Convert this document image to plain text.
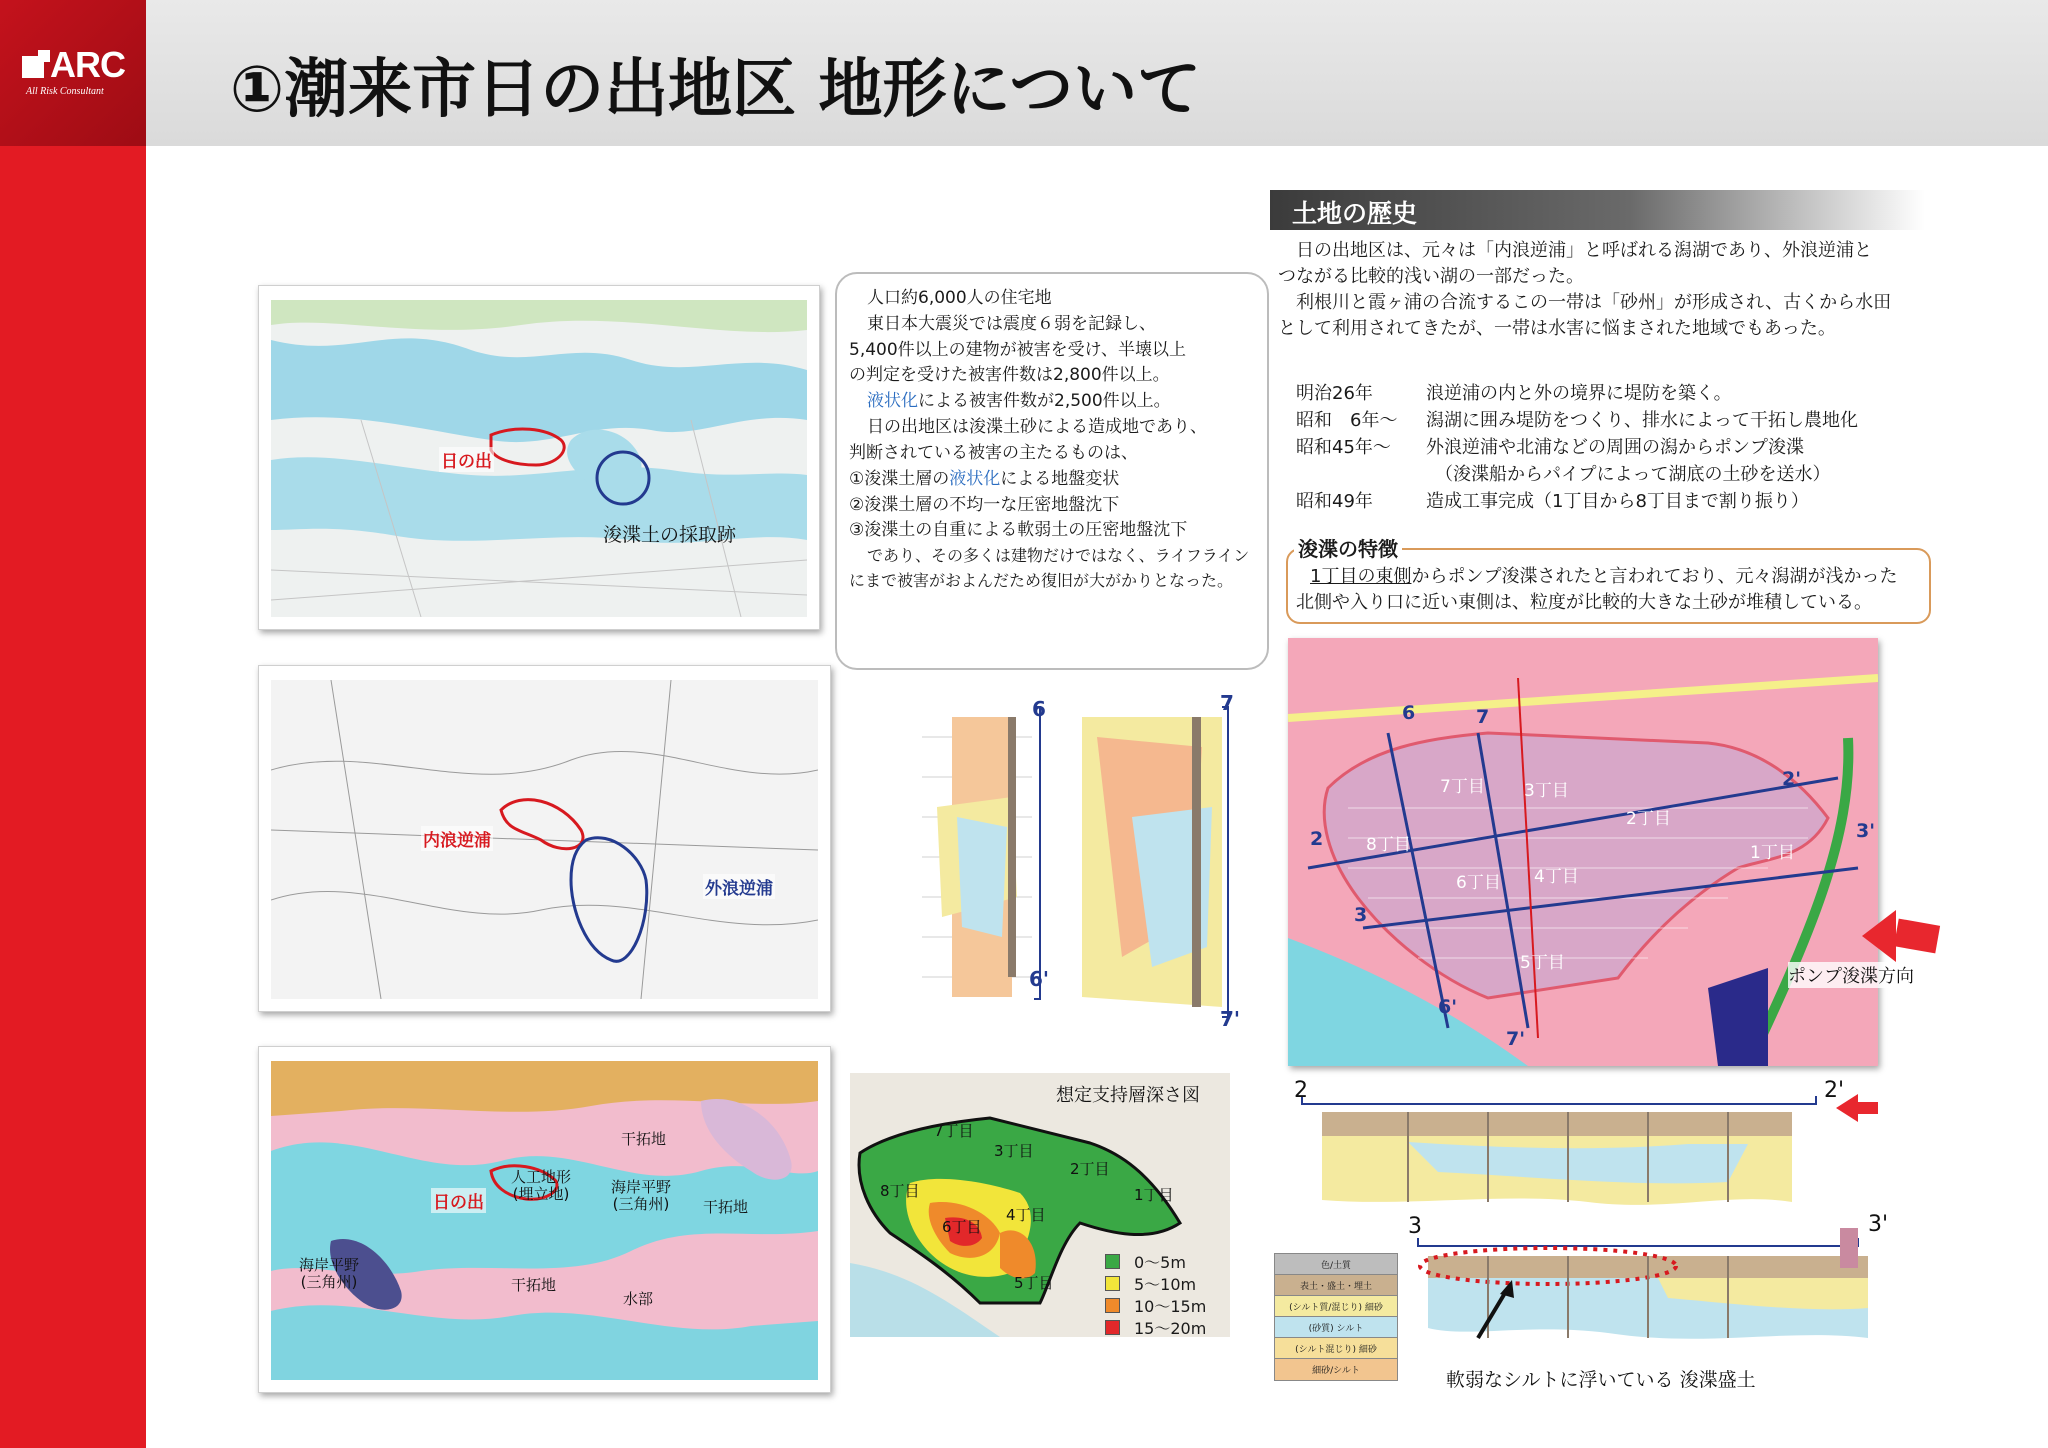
ARC
All Risk Consultant ①潮来市日の出地区 地形について
日の出
浚渫土の採取跡
内浪逆浦
外浪逆浦
日の出
人工地形
(埋立地)
干拓地
海岸平野
(三角州) 干拓地
海岸平野
(三角州)	干拓地
水部

人口約6,000人の住宅地

東日本大震災では震度６弱を記録し、

5,400件以上の建物が被害を受け、半壊以上

の判定を受けた被害件数は2,800件以上。

液状化による被害件数が2,500件以上。

日の出地区は浚渫土砂による造成地であり、

判断されている被害の主たるものは、

①浚渫土層の液状化による地盤変状

②浚渫土層の不均一な圧密地盤沈下

③浚渫土の自重による軟弱土の圧密地盤沈下

であり、その多くは建物だけではなく、ライフライン

にまで被害がおよんだため復旧が大がかりとなった。

6
6'
7
7'
想定支持層深さ図
7丁目
3丁目
2丁目
1丁目
8丁目
6丁目
4丁目
5丁目
0～5m
5～10m
10～15m
15～20m
土地の歴史

日の出地区は、元々は「内浪逆浦」と呼ばれる潟湖であり、外浪逆浦と

つながる比較的浅い湖の一部だった。

利根川と霞ヶ浦の合流するこの一帯は「砂州」が形成され、古くから水田

として利用されてきたが、一帯は水害に悩まされた地域でもあった。

明治26年	浪逆浦の内と外の境界に堤防を築く。
昭和　6年～	潟湖に囲み堤防をつくり、排水によって干拓し農地化
昭和45年～	外浪逆浦や北浦などの周囲の潟からポンプ浚渫
　（浚渫船からパイプによって湖底の土砂を送水）
昭和49年	造成工事完成（1丁目から8丁目まで割り振り）

1丁目の東側からポンプ浚渫されたと言われており、元々潟湖が浅かった

北側や入り口に近い東側は、粒度が比較的大きな土砂が堆積している。

浚渫の特徴
7丁目 3丁目
2丁目
8丁目	1丁目
6丁目 4丁目
5丁目
6	7
2
2'
3
3'
6'
7'
ポンプ浚渫方向
2	2'
色/土質
表土・盛土・埋土
(シルト質/混じり) 細砂
(砂質) シルト
(シルト混じり) 細砂
細砂/シルト
3	3'
軟弱なシルトに浮いている 浚渫盛土
